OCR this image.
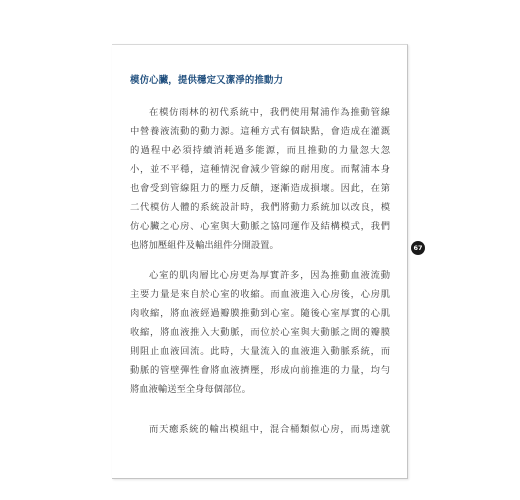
模仿心臟，提供穩定又潔淨的推動力
在模仿雨林的初代系統中，我們使用幫浦作為推動管線
中營養液流動的動力源。這種方式有個缺點，會造成在灌溉
的過程中必須持續消耗過多能源，而且推動的力量忽大忽
小，並不平穩，這種情況會減少管線的耐用度。而幫浦本身
也會受到管線阻力的壓力反饋，逐漸造成損壞。因此，在第
二代模仿人體的系統設計時，我們將動力系統加以改良，模
仿心臟之心房、心室與大動脈之協同運作及結構模式，我們
也將加壓組件及輸出組件分開設置。
心室的肌肉層比心房更為厚實許多，因為推動血液流動
主要力量是來自於心室的收縮。而血液進入心房後，心房肌
肉收縮，將血液經過瓣膜推動到心室。隨後心室厚實的心肌
收縮，將血液推入大動脈，而位於心室與大動脈之間的瓣膜
則阻止血液回流。此時，大量流入的血液進入動脈系統，而
動脈的管壁彈性會將血液擠壓，形成向前推進的力量，均勻
將血液輸送至全身每個部位。
而天癒系統的輸出模組中，混合桶類似心房，而馬達就
67
